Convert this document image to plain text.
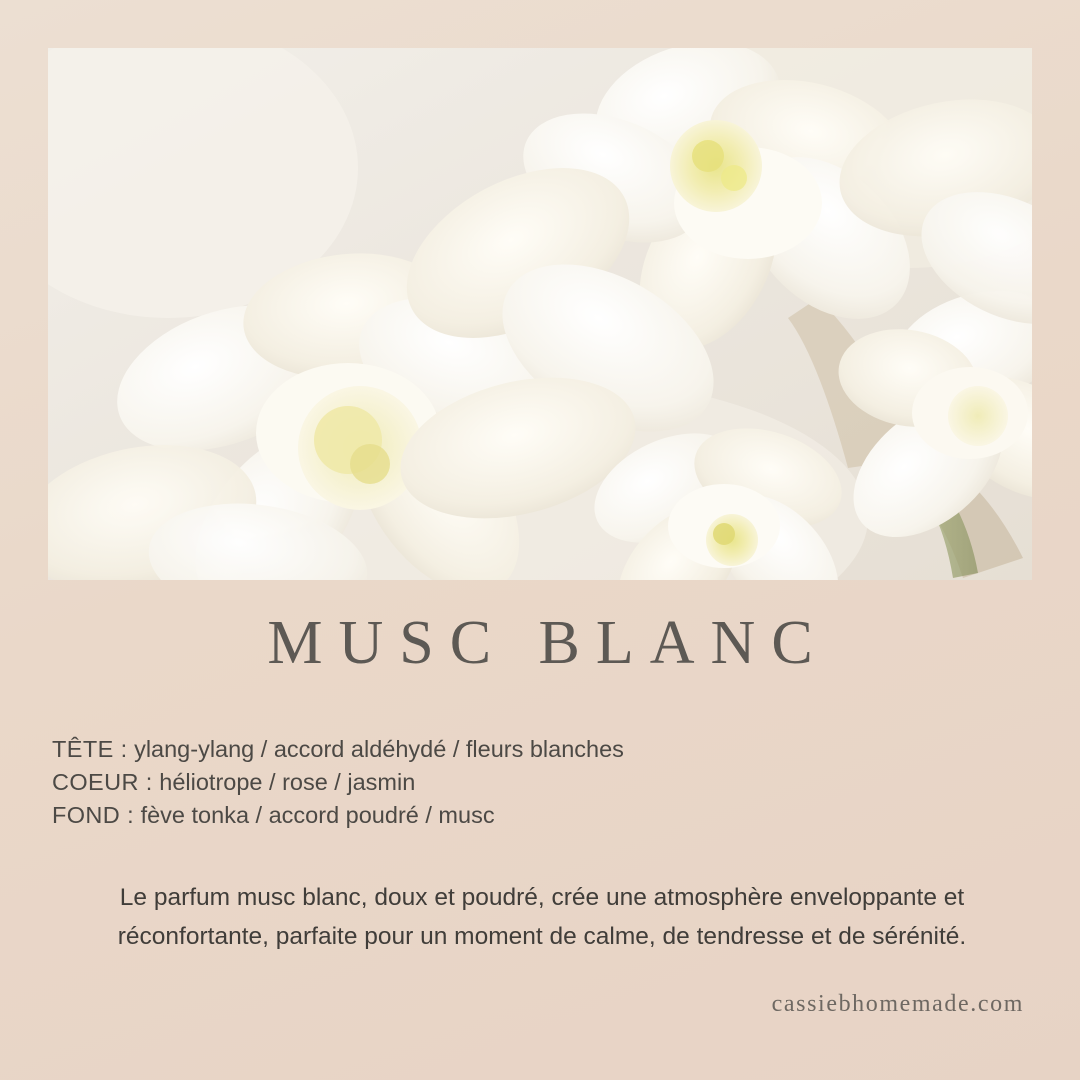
MUSC BLANC
TÊTE : ylang-ylang / accord aldéhydé / fleurs blanches
COEUR : héliotrope / rose / jasmin
FOND : fève tonka / accord poudré / musc
Le parfum musc blanc, doux et poudré, crée une atmosphère enveloppante et réconfortante, parfaite pour un moment de calme, de tendresse et de sérénité.
cassiebhomemade.com
